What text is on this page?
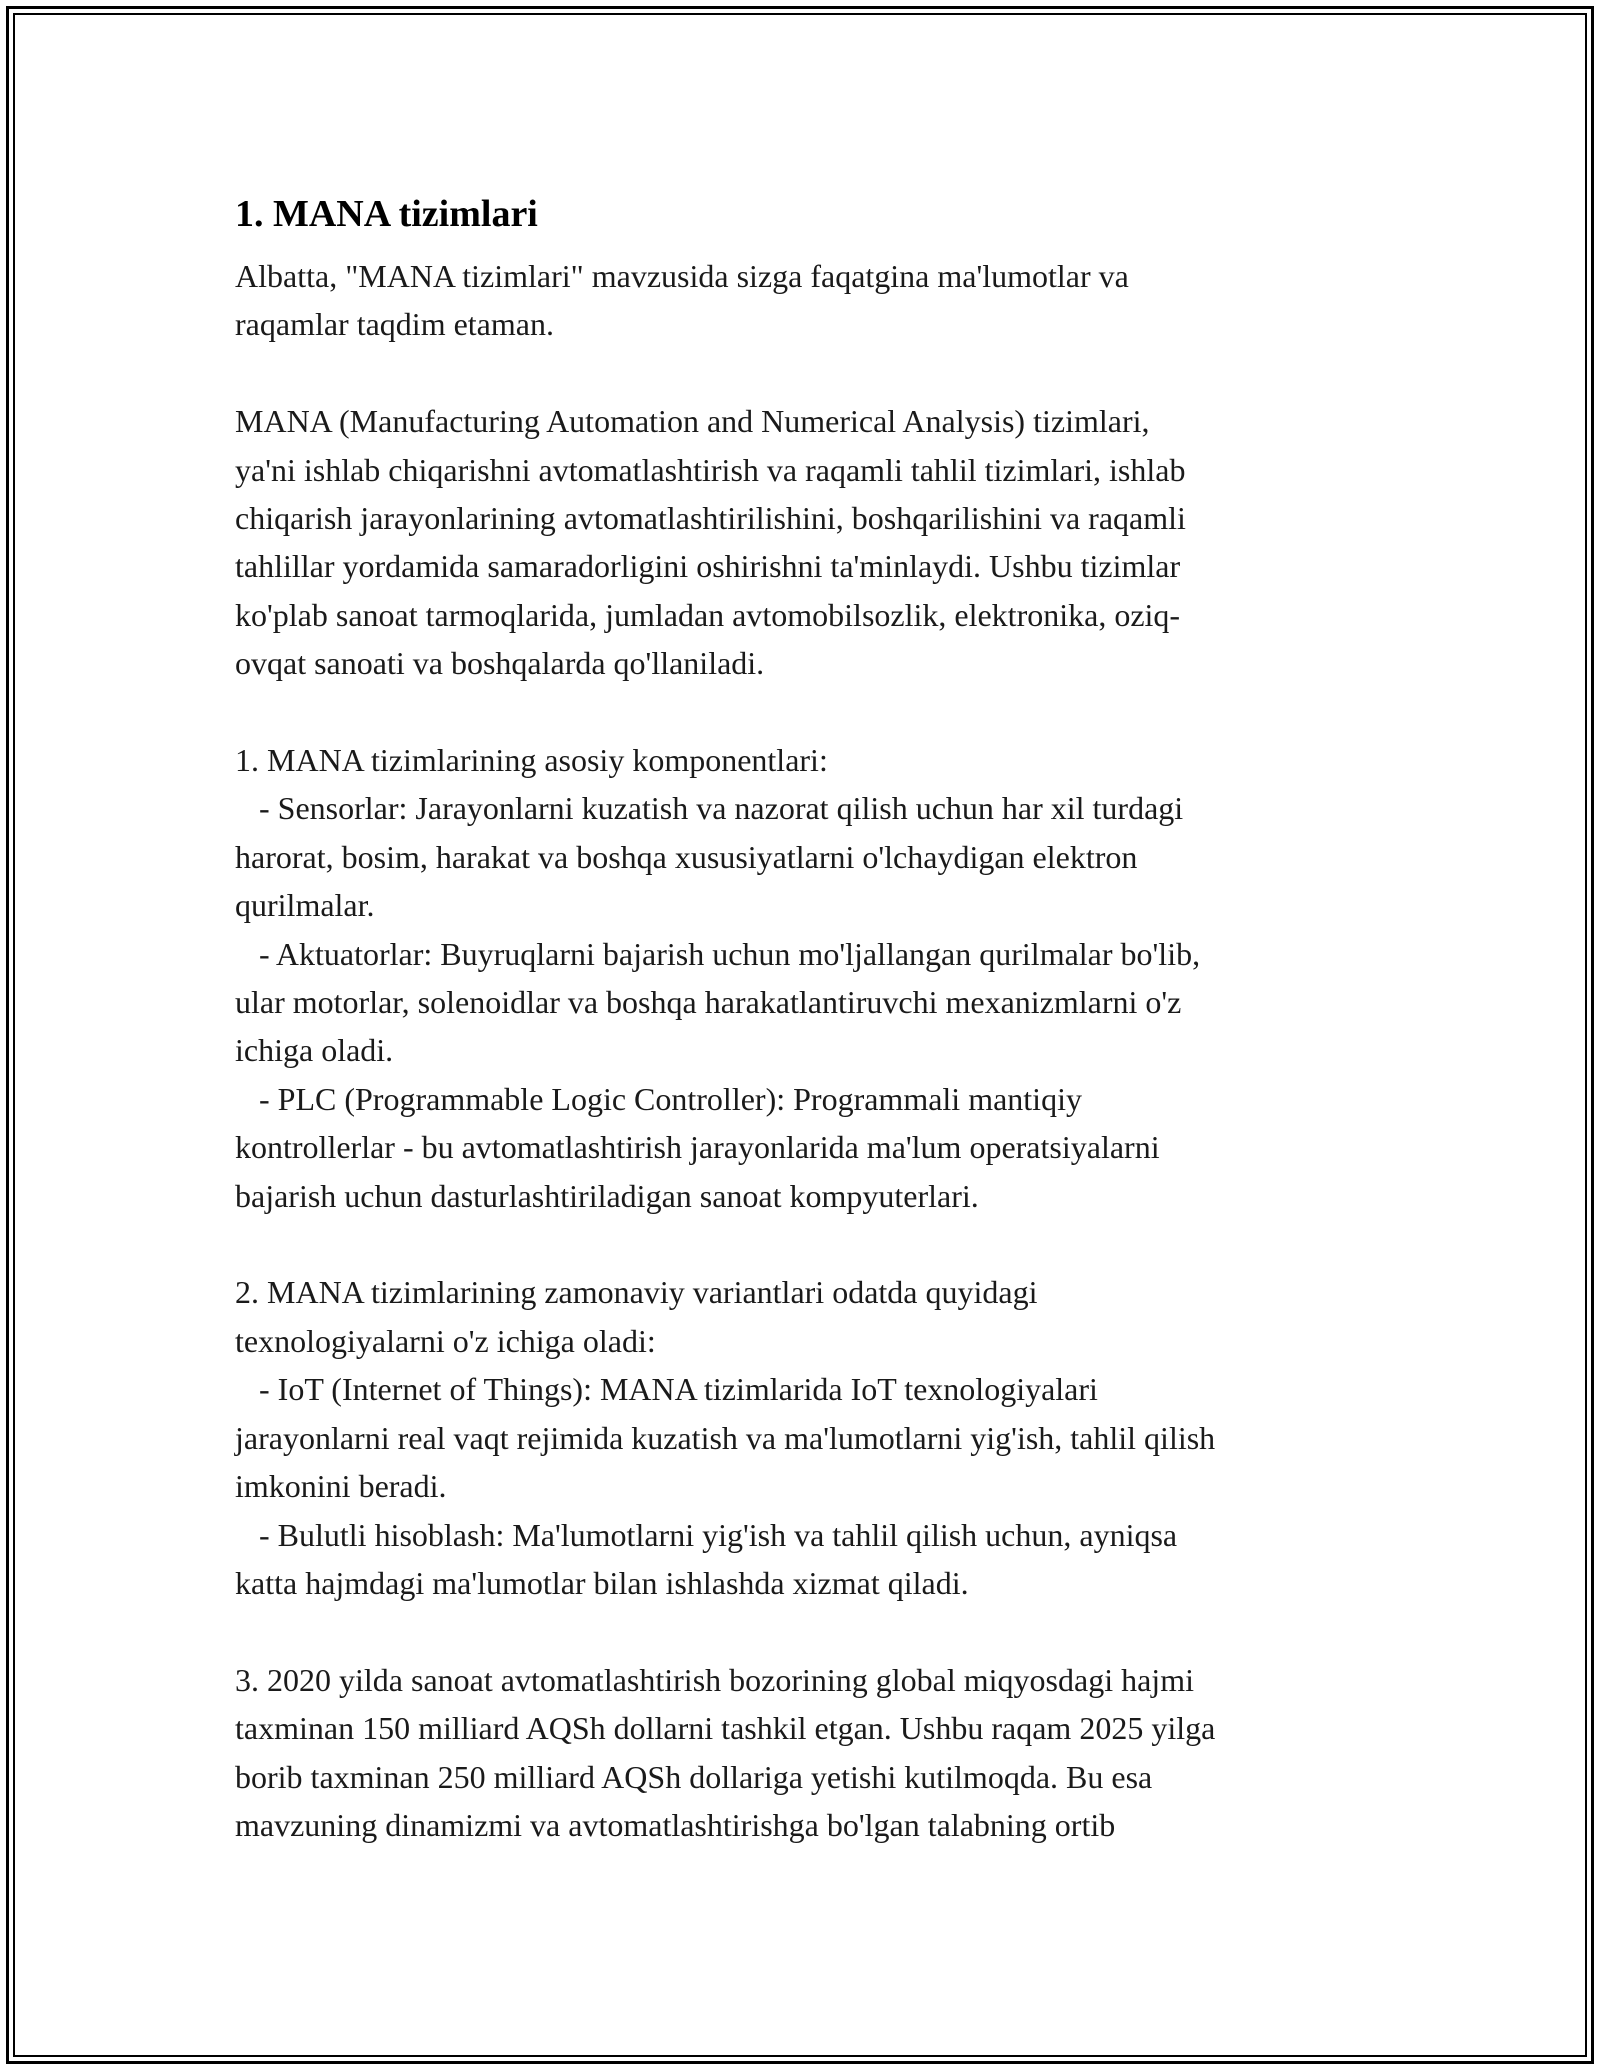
1. MANA tizimlari
Albatta, "MANA tizimlari" mavzusida sizga faqatgina ma'lumotlar va
raqamlar taqdim etaman.
MANA (Manufacturing Automation and Numerical Analysis) tizimlari,
ya'ni ishlab chiqarishni avtomatlashtirish va raqamli tahlil tizimlari, ishlab
chiqarish jarayonlarining avtomatlashtirilishini, boshqarilishini va raqamli
tahlillar yordamida samaradorligini oshirishni ta'minlaydi. Ushbu tizimlar
ko'plab sanoat tarmoqlarida, jumladan avtomobilsozlik, elektronika, oziq-
ovqat sanoati va boshqalarda qo'llaniladi.
1. MANA tizimlarining asosiy komponentlari:
- Sensorlar: Jarayonlarni kuzatish va nazorat qilish uchun har xil turdagi
harorat, bosim, harakat va boshqa xususiyatlarni o'lchaydigan elektron
qurilmalar.
- Aktuatorlar: Buyruqlarni bajarish uchun mo'ljallangan qurilmalar bo'lib,
ular motorlar, solenoidlar va boshqa harakatlantiruvchi mexanizmlarni o'z
ichiga oladi.
- PLC (Programmable Logic Controller): Programmali mantiqiy
kontrollerlar - bu avtomatlashtirish jarayonlarida ma'lum operatsiyalarni
bajarish uchun dasturlashtiriladigan sanoat kompyuterlari.
2. MANA tizimlarining zamonaviy variantlari odatda quyidagi
texnologiyalarni o'z ichiga oladi:
- IoT (Internet of Things): MANA tizimlarida IoT texnologiyalari
jarayonlarni real vaqt rejimida kuzatish va ma'lumotlarni yig'ish, tahlil qilish
imkonini beradi.
- Bulutli hisoblash: Ma'lumotlarni yig'ish va tahlil qilish uchun, ayniqsa
katta hajmdagi ma'lumotlar bilan ishlashda xizmat qiladi.
3. 2020 yilda sanoat avtomatlashtirish bozorining global miqyosdagi hajmi
taxminan 150 milliard AQSh dollarni tashkil etgan. Ushbu raqam 2025 yilga
borib taxminan 250 milliard AQSh dollariga yetishi kutilmoqda. Bu esa
mavzuning dinamizmi va avtomatlashtirishga bo'lgan talabning ortib
